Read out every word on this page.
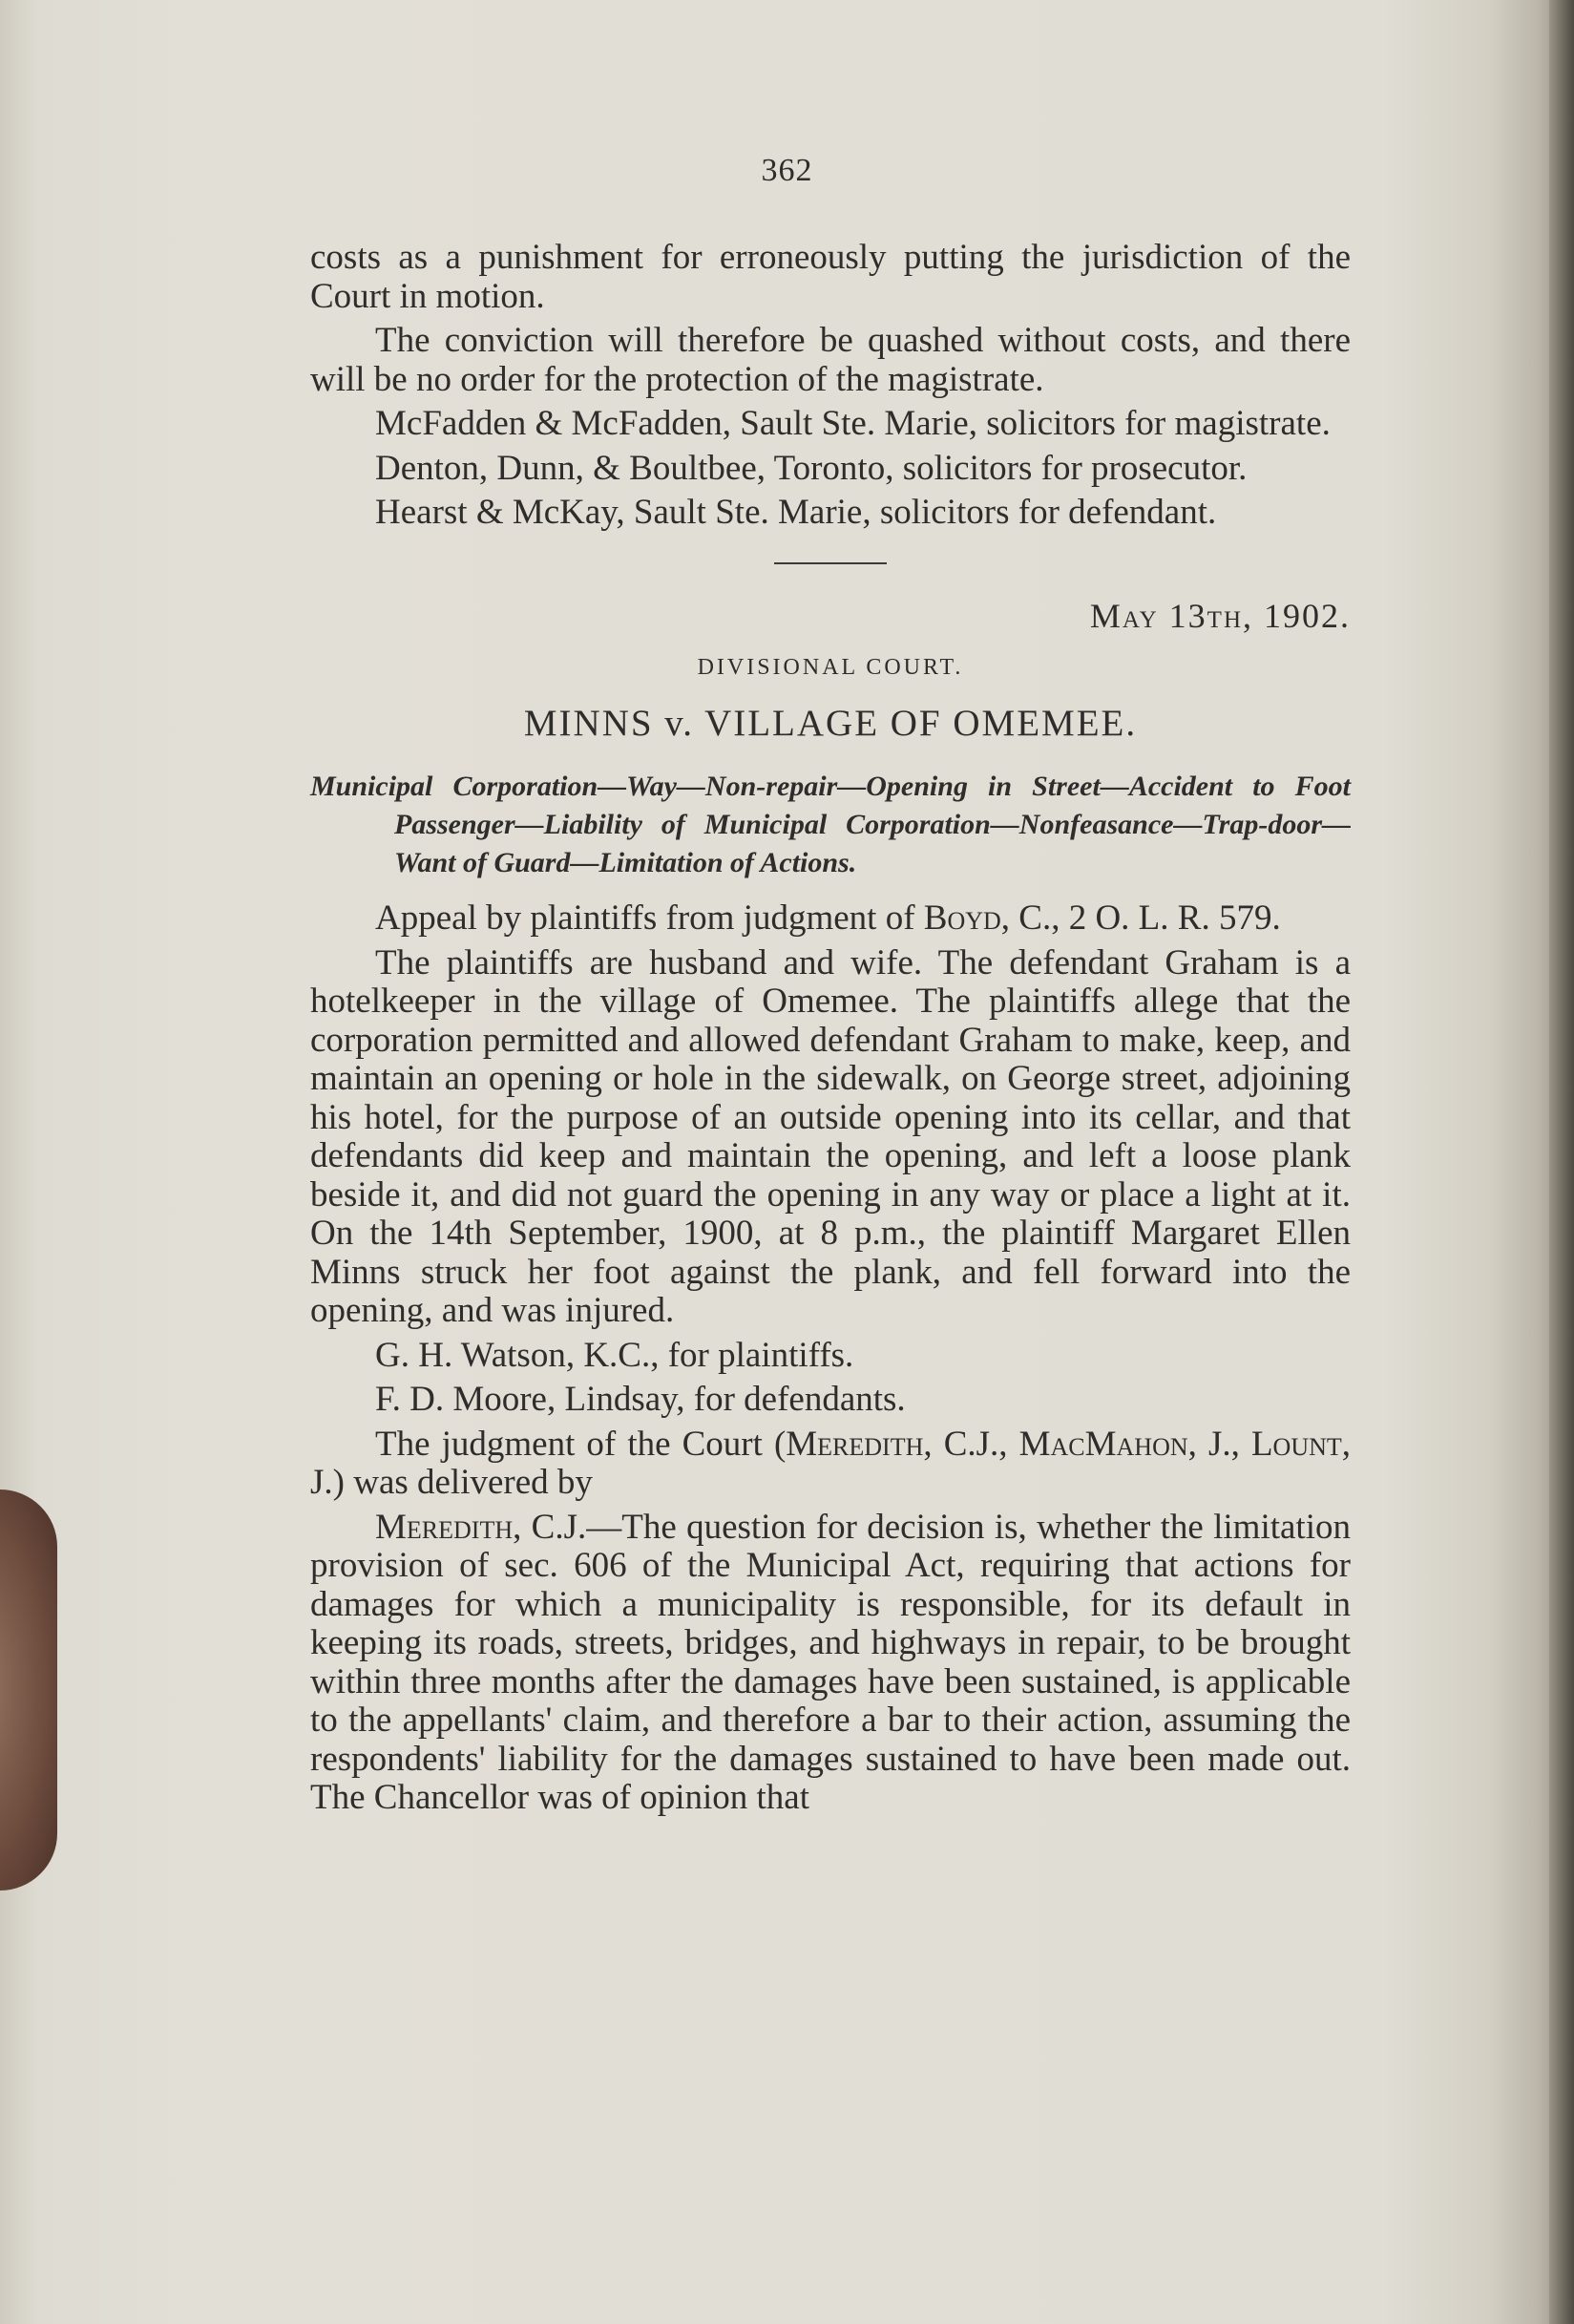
362

costs as a punishment for erroneously putting the jurisdiction of the Court in motion.

The conviction will therefore be quashed without costs, and there will be no order for the protection of the magistrate.

McFadden & McFadden, Sault Ste. Marie, solicitors for magistrate.

Denton, Dunn, & Boultbee, Toronto, solicitors for prosecutor.

Hearst & McKay, Sault Ste. Marie, solicitors for defendant.

May 13th, 1902.

DIVISIONAL COURT.

MINNS v. VILLAGE OF OMEMEE.

Municipal Corporation—Way—Non-repair—Opening in Street—Accident to Foot Passenger—Liability of Municipal Corporation—Nonfeasance—Trap-door—Want of Guard—Limitation of Actions.

Appeal by plaintiffs from judgment of Boyd, C., 2 O. L. R. 579.

The plaintiffs are husband and wife. The defendant Graham is a hotelkeeper in the village of Omemee. The plaintiffs allege that the corporation permitted and allowed defendant Graham to make, keep, and maintain an opening or hole in the sidewalk, on George street, adjoining his hotel, for the purpose of an outside opening into its cellar, and that defendants did keep and maintain the opening, and left a loose plank beside it, and did not guard the opening in any way or place a light at it. On the 14th September, 1900, at 8 p.m., the plaintiff Margaret Ellen Minns struck her foot against the plank, and fell forward into the opening, and was injured.

G. H. Watson, K.C., for plaintiffs.

F. D. Moore, Lindsay, for defendants.

The judgment of the Court (Meredith, C.J., MacMahon, J., Lount, J.) was delivered by

Meredith, C.J.—The question for decision is, whether the limitation provision of sec. 606 of the Municipal Act, requiring that actions for damages for which a municipality is responsible, for its default in keeping its roads, streets, bridges, and highways in repair, to be brought within three months after the damages have been sustained, is applicable to the appellants' claim, and therefore a bar to their action, assuming the respondents' liability for the damages sustained to have been made out. The Chancellor was of opinion that
